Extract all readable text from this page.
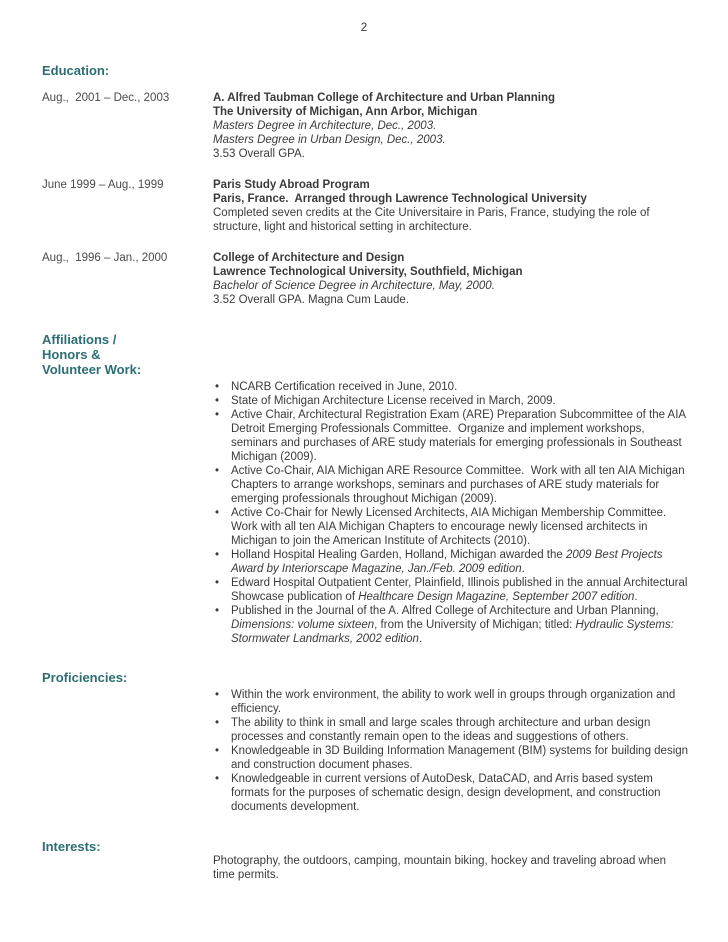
2
Education:
Aug.,  2001 – Dec., 2003	A. Alfred Taubman College of Architecture and Urban Planning
The University of Michigan, Ann Arbor, Michigan
Masters Degree in Architecture, Dec., 2003.
Masters Degree in Urban Design, Dec., 2003.
3.53 Overall GPA.
June 1999 – Aug., 1999	Paris Study Abroad Program
Paris, France.  Arranged through Lawrence Technological University
Completed seven credits at the Cite Universitaire in Paris, France, studying the role of structure, light and historical setting in architecture.
Aug.,  1996 – Jan., 2000	College of Architecture and Design
Lawrence Technological University, Southfield, Michigan
Bachelor of Science Degree in Architecture, May, 2000.
3.52 Overall GPA. Magna Cum Laude.
Affiliations /
Honors &
Volunteer Work:
• NCARB Certification received in June, 2010.
• State of Michigan Architecture License received in March, 2009.
• Active Chair, Architectural Registration Exam (ARE) Preparation Subcommittee of the AIA Detroit Emerging Professionals Committee.  Organize and implement workshops, seminars and purchases of ARE study materials for emerging professionals in Southeast Michigan (2009).
• Active Co-Chair, AIA Michigan ARE Resource Committee.  Work with all ten AIA Michigan Chapters to arrange workshops, seminars and purchases of ARE study materials for emerging professionals throughout Michigan (2009).
• Active Co-Chair for Newly Licensed Architects, AIA Michigan Membership Committee.  Work with all ten AIA Michigan Chapters to encourage newly licensed architects in Michigan to join the American Institute of Architects (2010).
• Holland Hospital Healing Garden, Holland, Michigan awarded the 2009 Best Projects Award by Interiorscape Magazine, Jan./Feb. 2009 edition.
• Edward Hospital Outpatient Center, Plainfield, Illinois published in the annual Architectural Showcase publication of Healthcare Design Magazine, September 2007 edition.
• Published in the Journal of the A. Alfred College of Architecture and Urban Planning, Dimensions: volume sixteen, from the University of Michigan; titled: Hydraulic Systems: Stormwater Landmarks, 2002 edition.
Proficiencies:
• Within the work environment, the ability to work well in groups through organization and efficiency.
• The ability to think in small and large scales through architecture and urban design processes and constantly remain open to the ideas and suggestions of others.
• Knowledgeable in 3D Building Information Management (BIM) systems for building design and construction document phases.
• Knowledgeable in current versions of AutoDesk, DataCAD, and Arris based system formats for the purposes of schematic design, design development, and construction documents development.
Interests:

Photography, the outdoors, camping, mountain biking, hockey and traveling abroad when time permits.
